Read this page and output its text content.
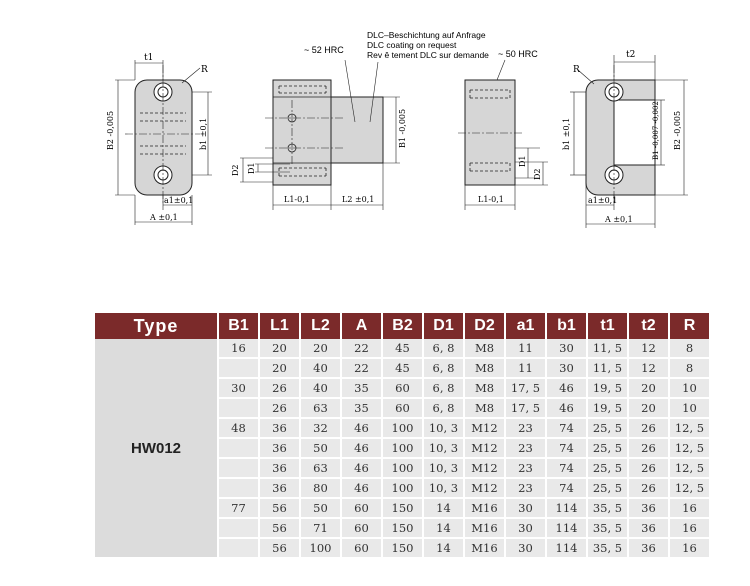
t1
R
B2 -0,005	b1 ±0,1
a1±0,1
A ±0,1
DLC–Beschichtung auf Anfrage
DLC coating on request
Rev ê tement DLC sur demande
~ 52 HRC	~ 50 HRC
D2 D1
L1-0,1	L2 ±0,1
B1 -0,005
D1
D2
L1-0,1
t2
R
b1 ±0,1	B1 -0,007 -0,002 B2 -0,005
a1±0,1
A ±0,1
Type	B1	L1	L2	A	B2	D1	D2	a1	b1	t1	t2	R
HW012	16	20	20	22	45	6, 8	M8	11	30	11, 5	12	8
		20	40	22	45	6, 8	M8	11	30	11, 5	12	8
	30	26	40	35	60	6, 8	M8	17, 5	46	19, 5	20	10
		26	63	35	60	6, 8	M8	17, 5	46	19, 5	20	10
	48	36	32	46	100	10, 3	M12	23	74	25, 5	26	12, 5
		36	50	46	100	10, 3	M12	23	74	25, 5	26	12, 5
		36	63	46	100	10, 3	M12	23	74	25, 5	26	12, 5
		36	80	46	100	10, 3	M12	23	74	25, 5	26	12, 5
	77	56	50	60	150	14	M16	30	114	35, 5	36	16
		56	71	60	150	14	M16	30	114	35, 5	36	16
		56	100	60	150	14	M16	30	114	35, 5	36	16
